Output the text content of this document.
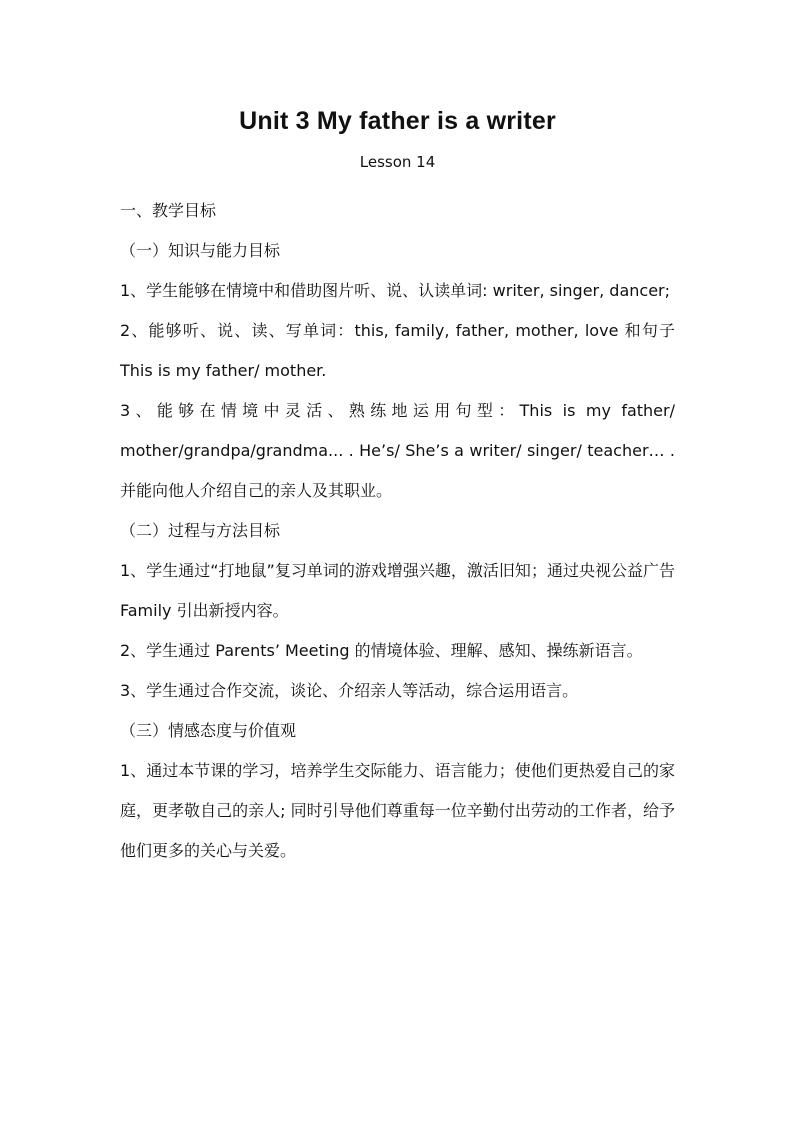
Unit 3 My father is a writer
Lesson 14

一、教学目标

（一）知识与能力目标

1、学生能够在情境中和借助图片听、说、认读单词: writer, singer, dancer;

2、能够听、说、读、写单词：this, family, father, mother, love 和句子 This is my father/ mother.

3、能够在情境中灵活、熟练地运用句型：This is my father/ mother/grandpa/grandma... . He’s/ She’s a writer/ singer/ teacher… .并能向他人介绍自己的亲人及其职业。

（二）过程与方法目标

1、学生通过“打地鼠”复习单词的游戏增强兴趣，激活旧知；通过央视公益广告 Family 引出新授内容。

2、学生通过 Parents’ Meeting 的情境体验、理解、感知、操练新语言。

3、学生通过合作交流，谈论、介绍亲人等活动，综合运用语言。

（三）情感态度与价值观

1、通过本节课的学习，培养学生交际能力、语言能力；使他们更热爱自己的家庭，更孝敬自己的亲人; 同时引导他们尊重每一位辛勤付出劳动的工作者，给予他们更多的关心与关爱。
